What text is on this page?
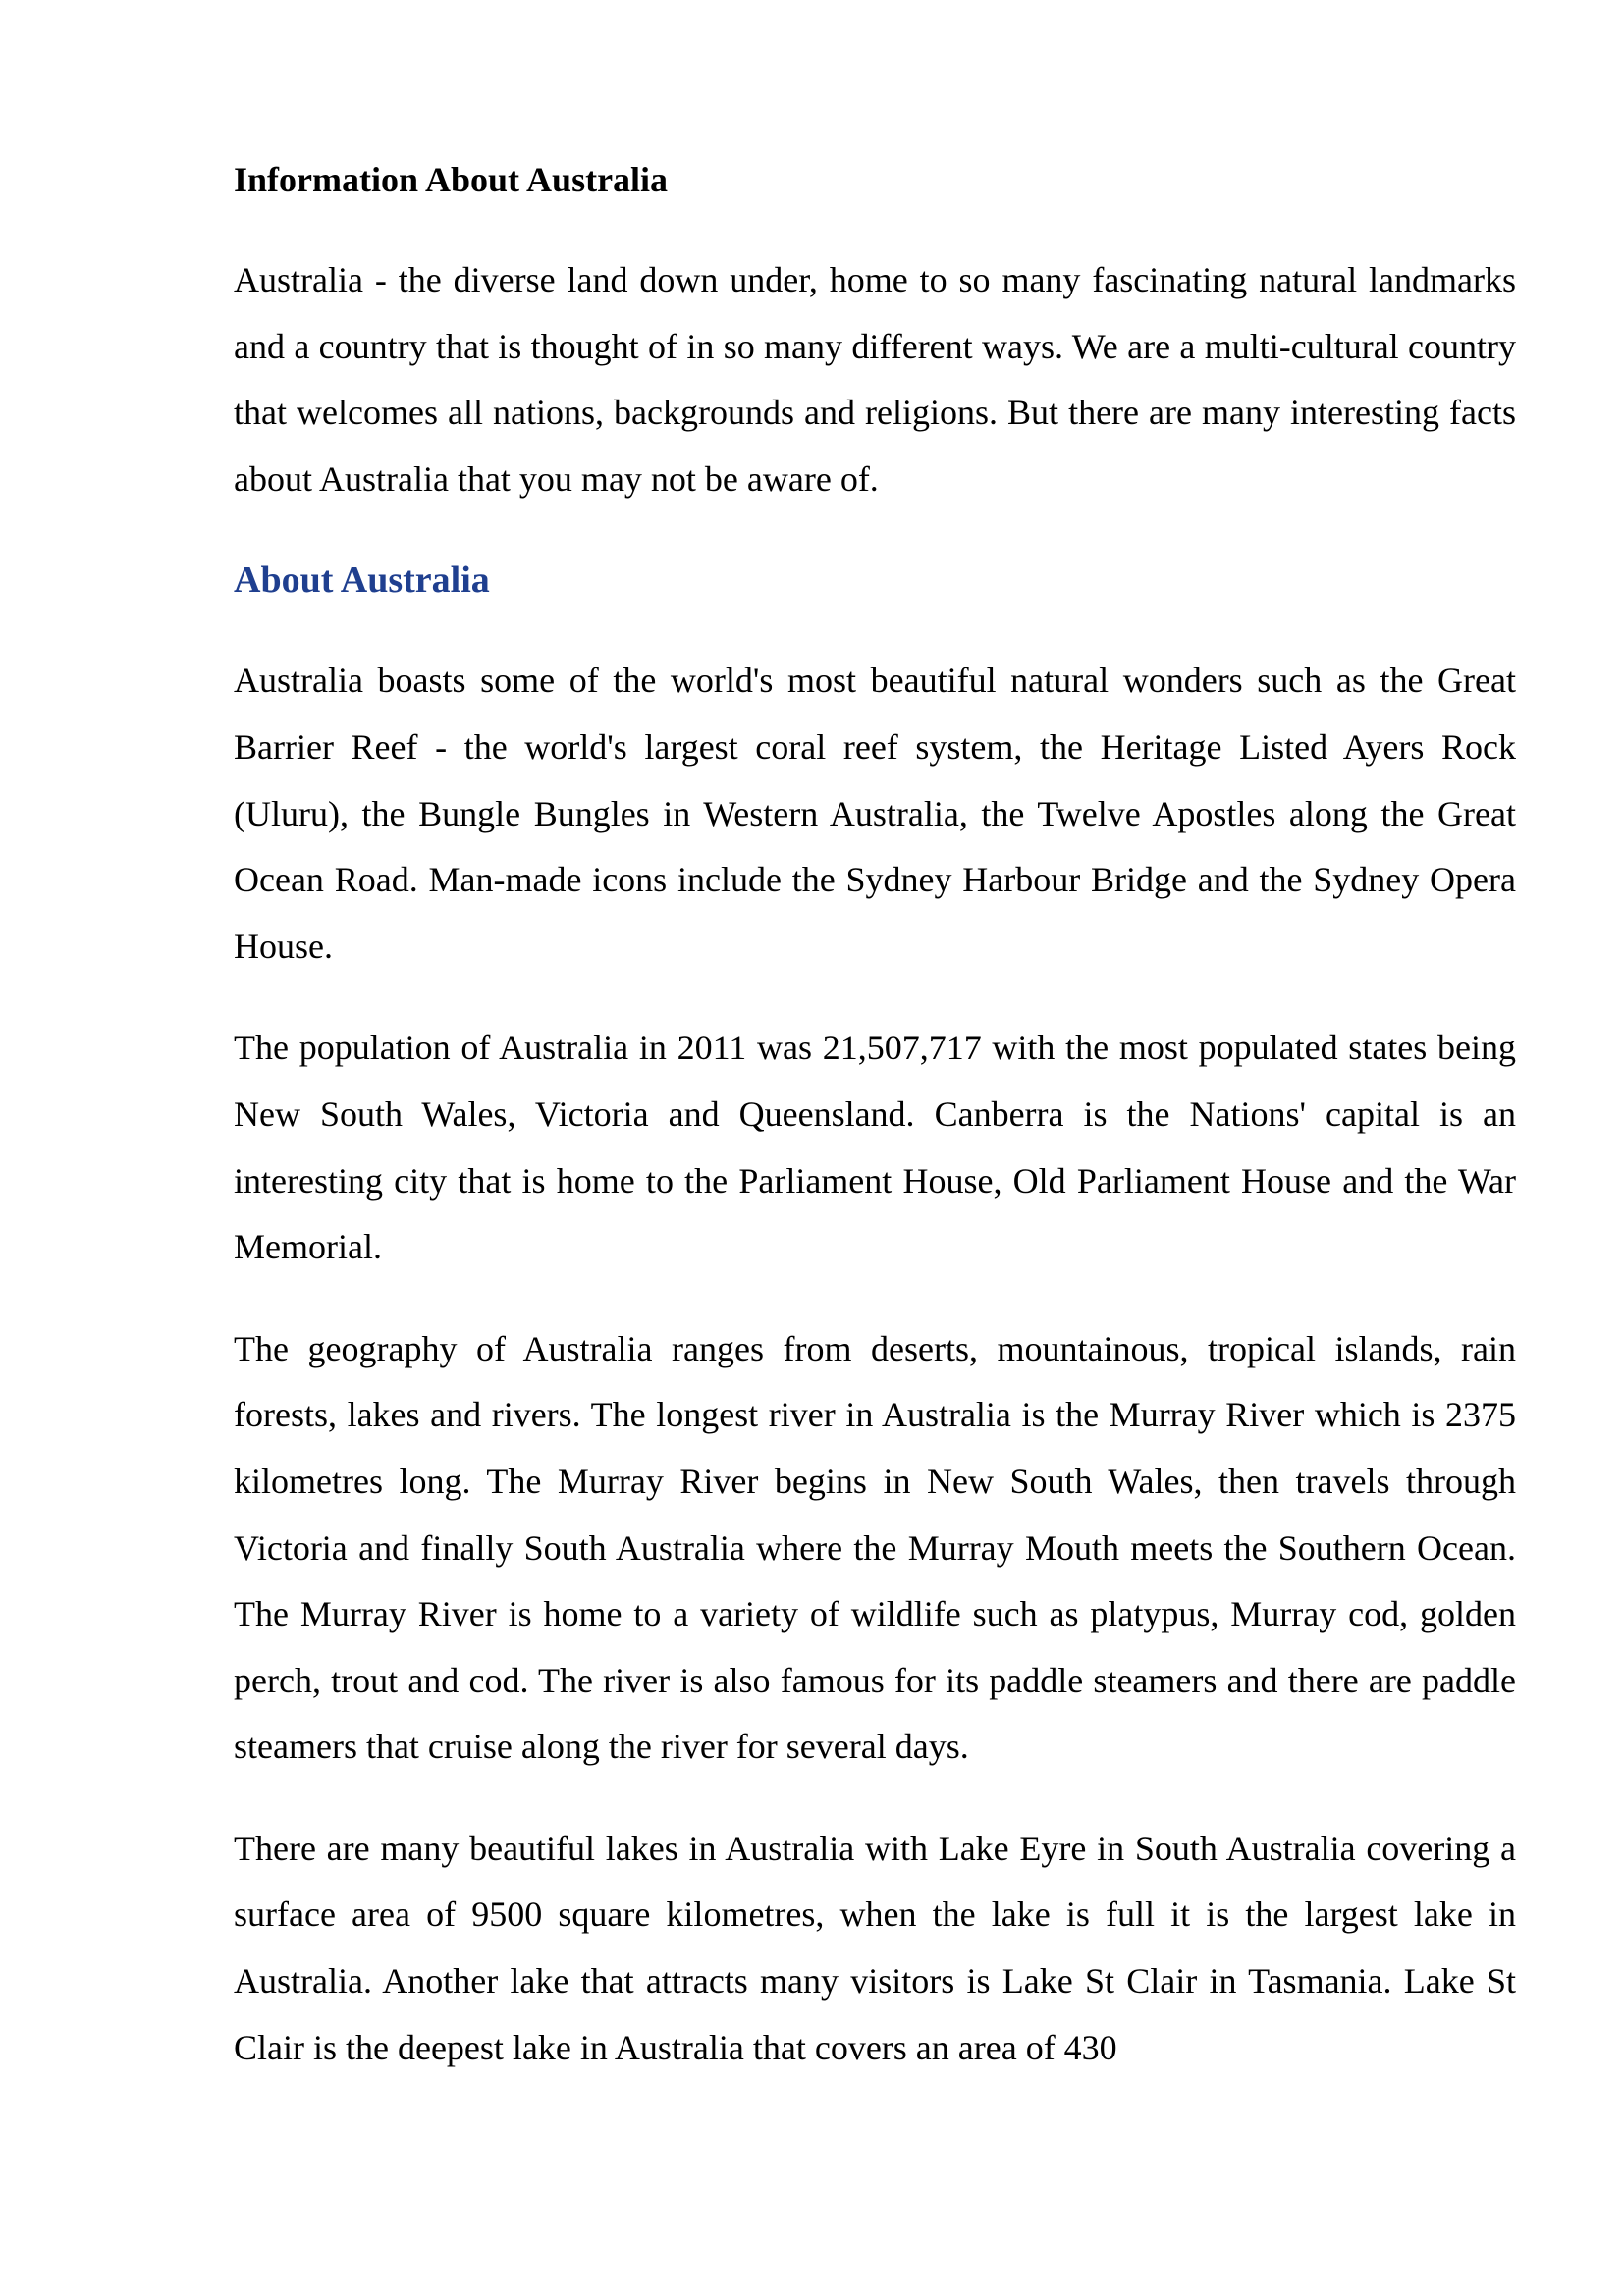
Information About Australia

Australia - the diverse land down under, home to so many fascinating natural landmarks and a country that is thought of in so many different ways. We are a multi-cultural country that welcomes all nations, backgrounds and religions. But there are many interesting facts about Australia that you may not be aware of.

About Australia

Australia boasts some of the world's most beautiful natural wonders such as the Great Barrier Reef - the world's largest coral reef system, the Heritage Listed Ayers Rock (Uluru), the Bungle Bungles in Western Australia, the Twelve Apostles along the Great Ocean Road. Man-made icons include the Sydney Harbour Bridge and the Sydney Opera House.

The population of Australia in 2011 was 21,507,717 with the most populated states being New South Wales, Victoria and Queensland. Canberra is the Nations' capital is an interesting city that is home to the Parliament House, Old Parliament House and the War Memorial.

The geography of Australia ranges from deserts, mountainous, tropical islands, rain forests, lakes and rivers. The longest river in Australia is the Murray River which is 2375 kilometres long. The Murray River begins in New South Wales, then travels through Victoria and finally South Australia where the Murray Mouth meets the Southern Ocean. The Murray River is home to a variety of wildlife such as platypus, Murray cod, golden perch, trout and cod. The river is also famous for its paddle steamers and there are paddle steamers that cruise along the river for several days.

There are many beautiful lakes in Australia with Lake Eyre in South Australia covering a surface area of 9500 square kilometres, when the lake is full it is the largest lake in Australia. Another lake that attracts many visitors is Lake St Clair in Tasmania. Lake St Clair is the deepest lake in Australia that covers an area of 430
